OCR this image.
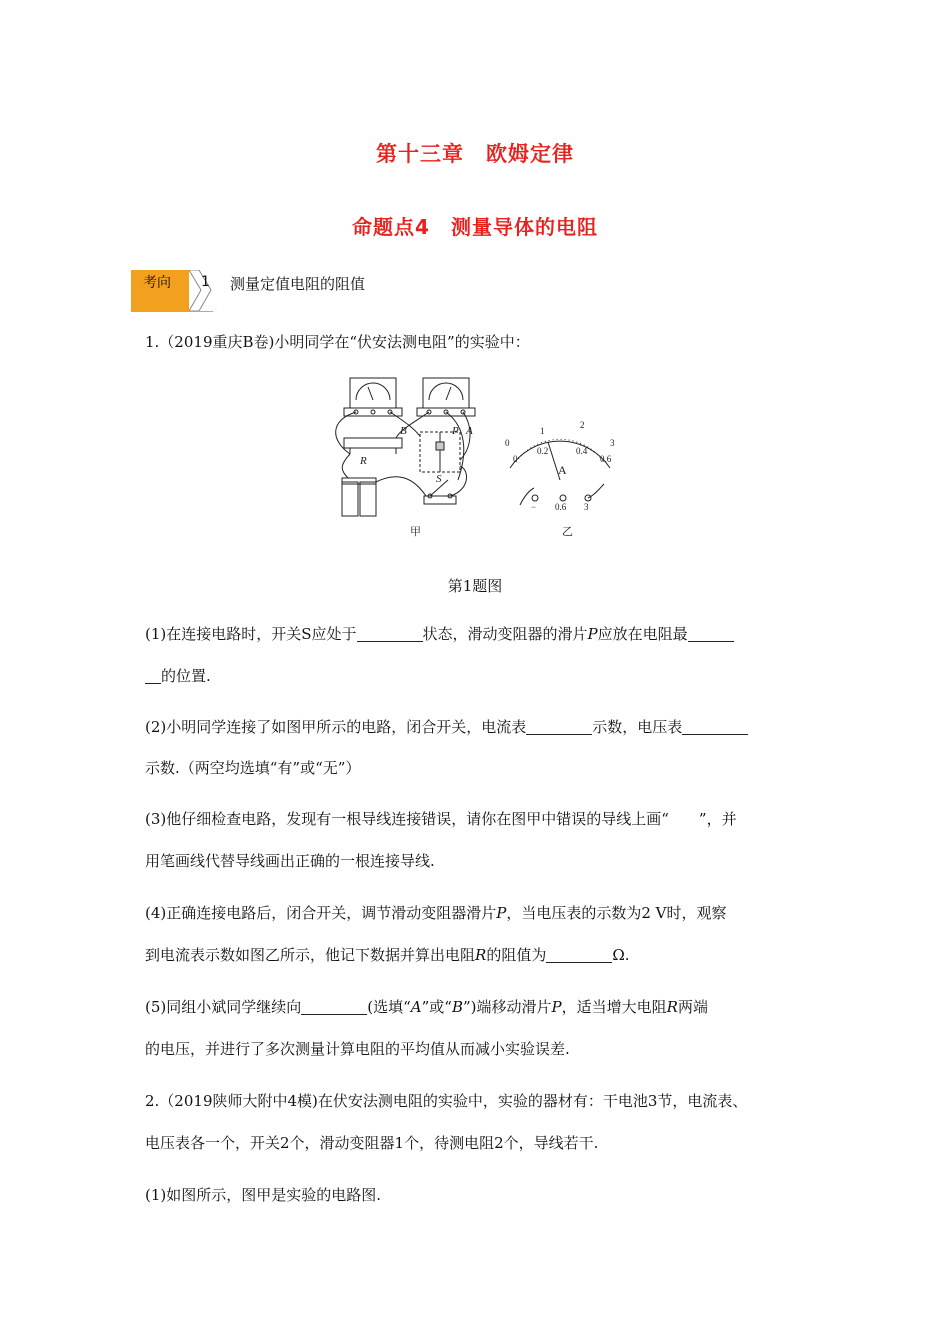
第十三章　欧姆定律
命题点4　测量导体的电阻
考向	1 测量定值电阻的阻值
1.（2019重庆B卷)小明同学在“伏安法测电阻”的实验中：
B	P A
R
S
甲
0
1
2
3
0
0.2	0.4
0.6
A
− 0.6 3
乙
第1题图
(1)在连接电路时，开关S应处于	状态，滑动变阻器的滑片P应放在电阻最
的位置.
(2)小明同学连接了如图甲所示的电路，闭合开关，电流表	示数，电压表
示数.（两空均选填“有”或“无”）
(3)他仔细检查电路，发现有一根导线连接错误，请你在图甲中错误的导线上画“　　”，并
用笔画线代替导线画出正确的一根连接导线.
(4)正确连接电路后，闭合开关，调节滑动变阻器滑片P，当电压表的示数为2 V时，观察
到电流表示数如图乙所示，他记下数据并算出电阻R的阻值为	Ω.
(5)同组小斌同学继续向	(选填“A”或“B”)端移动滑片P，适当增大电阻R两端
的电压，并进行了多次测量计算电阻的平均值从而减小实验误差.
2.（2019陕师大附中4模)在伏安法测电阻的实验中，实验的器材有：干电池3节，电流表、
电压表各一个，开关2个，滑动变阻器1个，待测电阻2个，导线若干.
(1)如图所示，图甲是实验的电路图.
